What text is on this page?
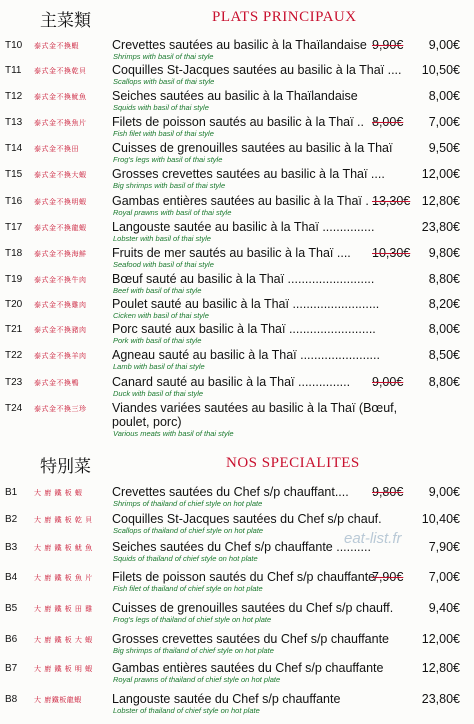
主菜類	PLATS PRINCIPAUX
T10 泰式金不換蝦	Crevettes sautées au basilic à la Thaïlandaise
Shrimps with basil of thai style
9,90€ 9,00€
T11 泰式金不換乾貝	Coquilles St-Jacques sautées au basilic à la Thaï ....
Scallops with basil of thai style
10,50€
T12 泰式金不換魷魚	Seiches sautées au basilic à la Thaïlandaise
Squids with basil of thai style
8,00€
T13 泰式金不換魚片	Filets de poisson sautés au basilic à la Thaï ..
Fish filet with basil of thai style
8,00€ 7,00€
T14 泰式金不換田	Cuisses de grenouilles sautées au basilic à la Thaï
Frog's legs with basil of thai style
9,50€
T15 泰式金不換大蝦	Grosses crevettes sautées au basilic à la Thaï ....
Big shrimps with basil of thai style
12,00€
T16 泰式金不換明蝦	Gambas entières sautées au basilic à la Thaï .
Royal prawns with basil of thai style
13,30€ 12,80€
T17 泰式金不換龍蝦	Langouste sautée au basilic à la Thaï ...............
Lobster with basil of thai style
23,80€
T18 泰式金不換海鮮	Fruits de mer sautés au basilic à la Thaï ....
Seafood with basil of thai style
10,30€ 9,80€
T19 泰式金不換牛肉	Bœuf sauté au basilic à la Thaï .........................
Beef with basil of thai style
8,80€
T20 泰式金不換雞肉	Poulet sauté au basilic à la Thaï .........................
Cicken with basil of thai style
8,20€
T21 泰式金不換豬肉	Porc sauté aux basilic à la Thaï .........................
Pork with basil of thai style
8,00€
T22 泰式金不換羊肉	Agneau sauté au basilic à la Thaï .......................
Lamb with basil of thai style
8,50€
T23 泰式金不換鴨	Canard sauté au basilic à la Thaï ...............
Duck with basil of thai style
9,00€ 8,80€
T24 泰式金不換三珍	Viandes variées sautées au basilic à la Thaï (Bœuf,
poulet, porc)
Various meats with basil of thai style
特別菜	NOS SPECIALITES
B1 大 廚 鐵 板 蝦	Crevettes sautées du Chef s/p chauffant....
Shrimps of thailand of chief style on hot plate
9,80€ 9,00€
B2 大 廚 鐵 板 乾 貝	Coquilles St-Jacques sautées du Chef s/p chauf.
Scallops of thailand of chief style on hot plate
10,40€
B3 大 廚 鐵 板 魷 魚	Seiches sautées du Chef s/p chauffante ..........
Squids of thailand of chief style on hot plate
7,90€
B4 大 廚 鐵 板 魚 片	Filets de poisson sautés du Chef s/p chauffante
Fish filet of thailand of chief style on hot plate
7,90€ 7,00€
B5 大 廚 鐵 板 田 雞	Cuisses de grenouilles sautées du Chef s/p chauff.
Frog's legs of thailand of chief style on hot plate
9,40€
B6 大 廚 鐵 板 大 蝦	Grosses crevettes sautées du Chef s/p chauffante
Big shrimps of thailand of chief style on hot plate
12,00€
B7 大 廚 鐵 板 明 蝦	Gambas entières sautées du Chef s/p chauffante
Royal prawns of thailand of chief style on hot plate
12,80€
B8 大 廚鐵板龍蝦	Langouste sautée du Chef s/p chauffante
Lobster of thailand of chief style on hot plate
23,80€
eat-list.fr
